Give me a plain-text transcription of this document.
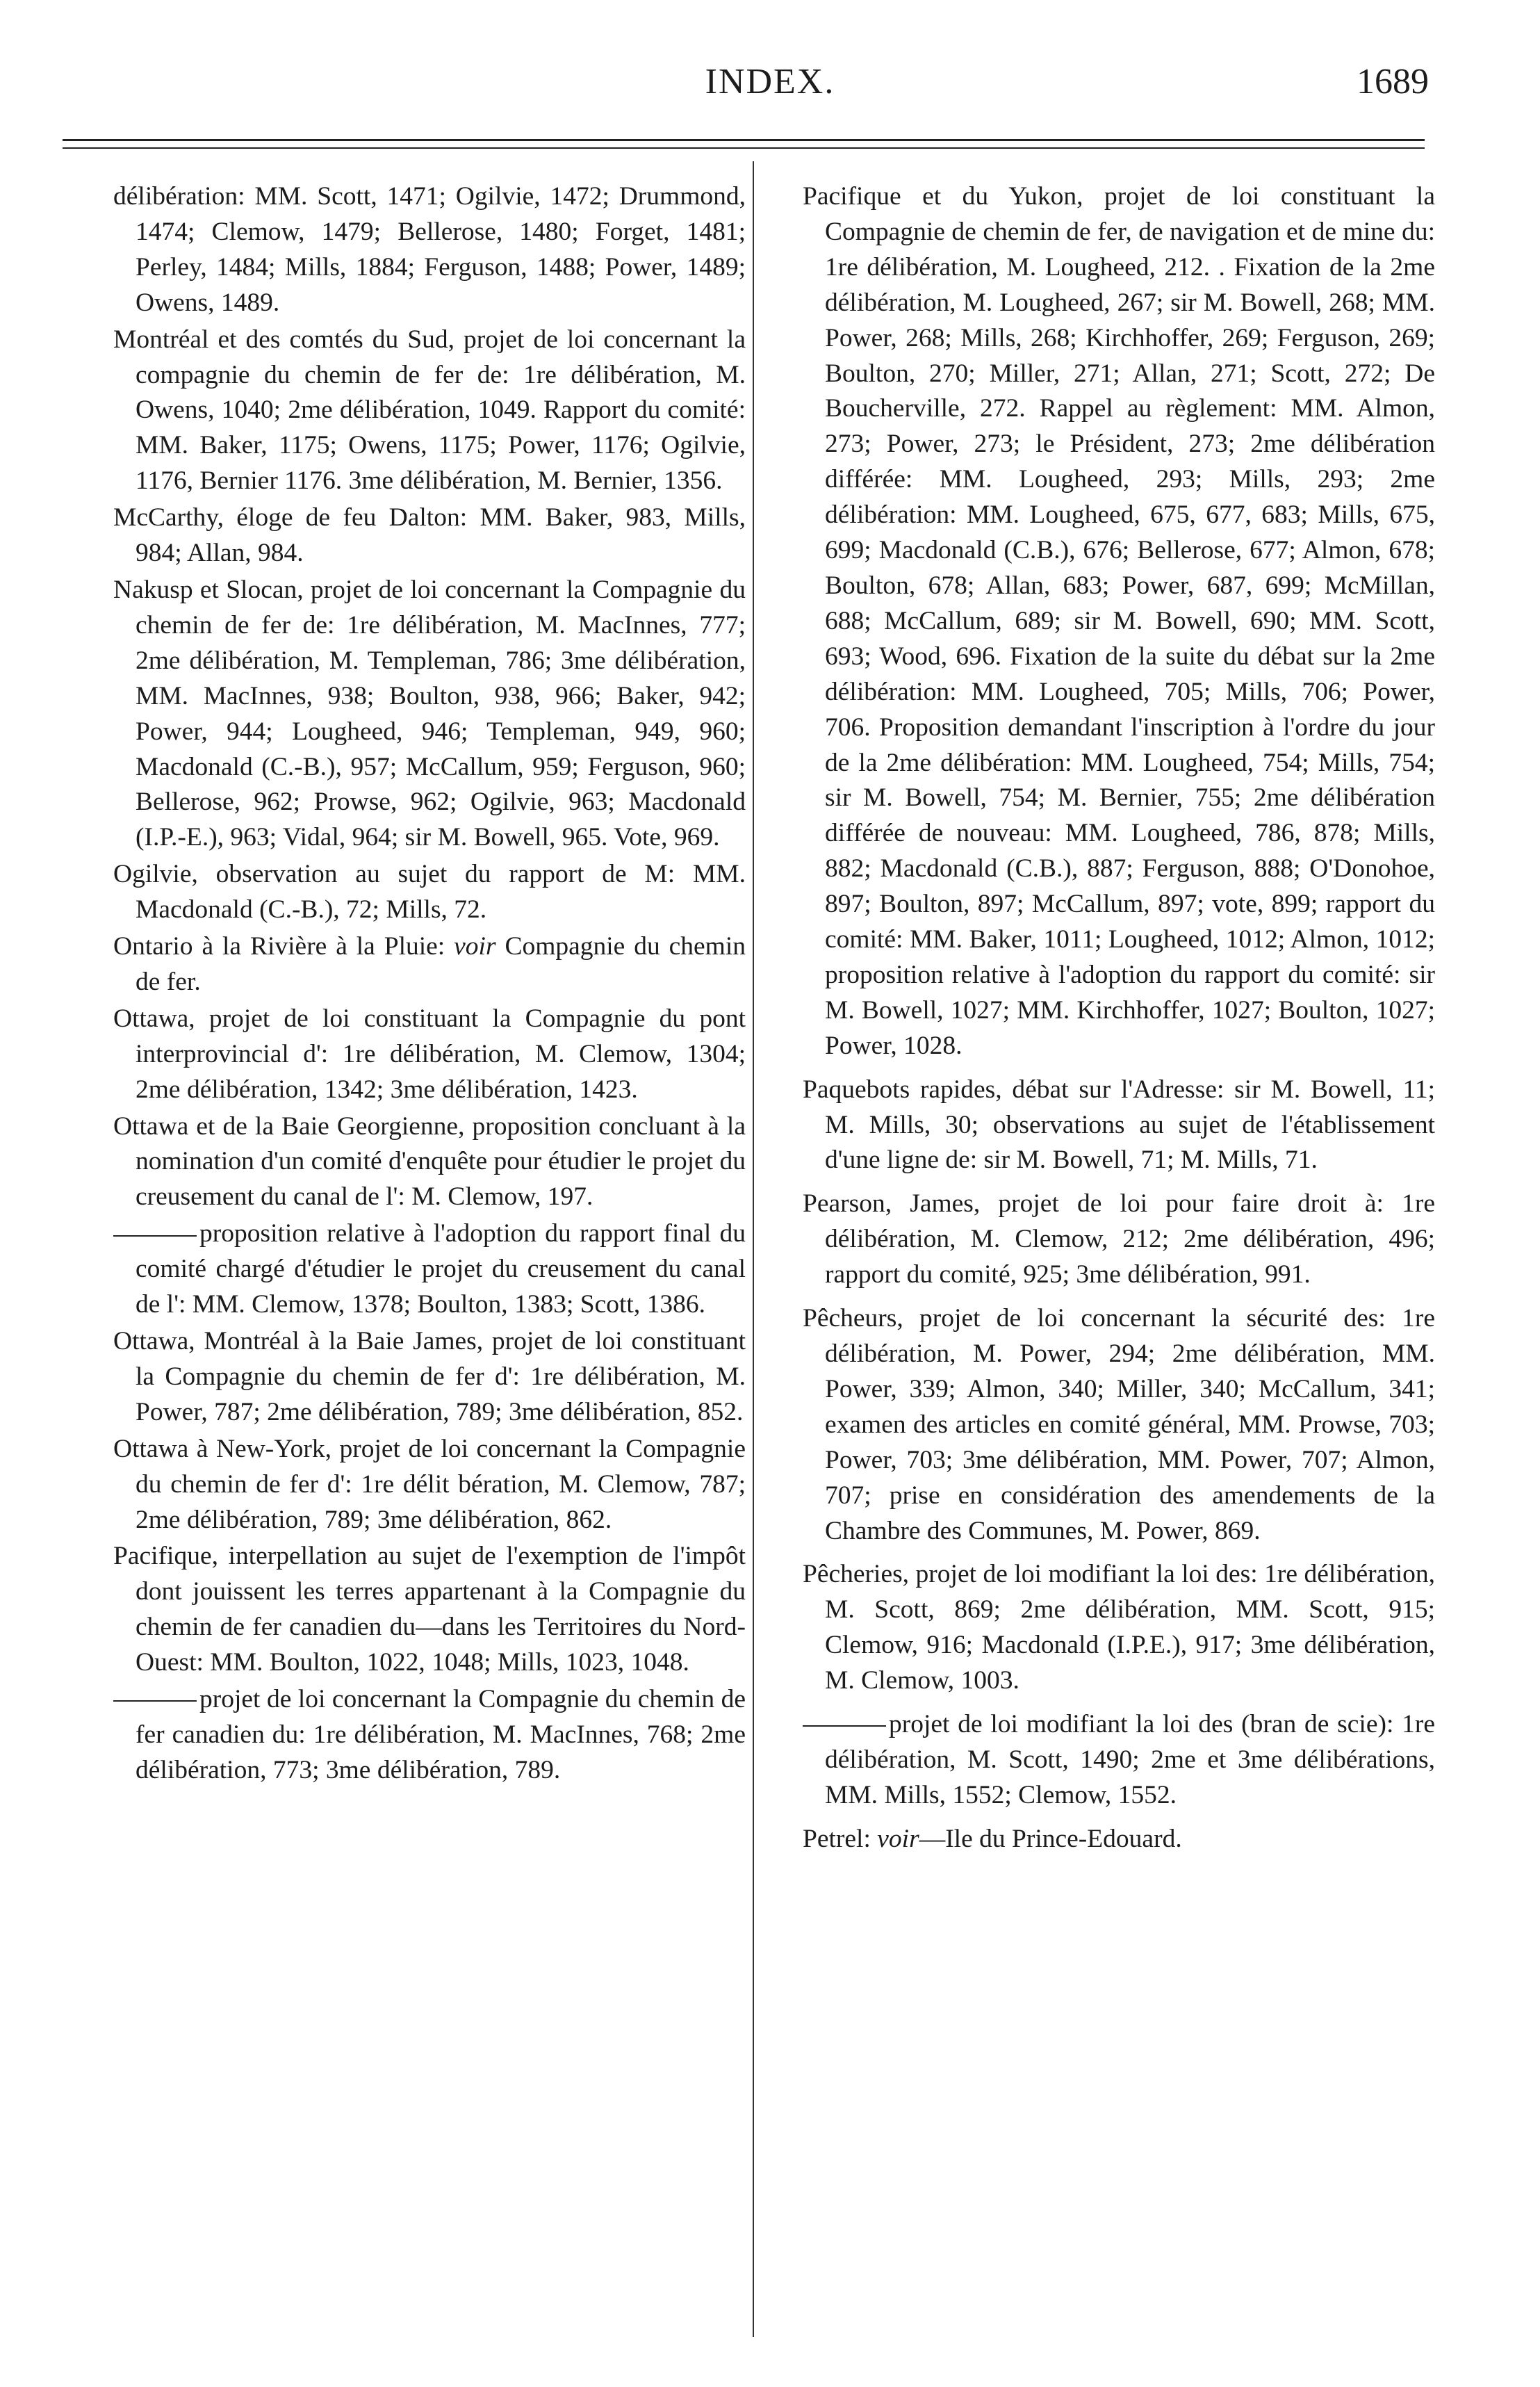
INDEX.	1689

délibération: MM. Scott, 1471; Ogilvie, 1472; Drummond, 1474; Clemow, 1479; Bellerose, 1480; Forget, 1481; Perley, 1484; Mills, 1884; Ferguson, 1488; Power, 1489; Owens, 1489.

Montréal et des comtés du Sud, projet de loi concernant la compagnie du chemin de fer de: 1re délibération, M. Owens, 1040; 2me délibération, 1049. Rapport du comité: MM. Baker, 1175; Owens, 1175; Power, 1176; Ogilvie, 1176, Bernier 1176. 3me délibération, M. Bernier, 1356.

McCarthy, éloge de feu Dalton: MM. Baker, 983, Mills, 984; Allan, 984.

Nakusp et Slocan, projet de loi concernant la Compagnie du chemin de fer de: 1re délibération, M. MacInnes, 777; 2me délibération, M. Templeman, 786; 3me délibération, MM. MacInnes, 938; Boulton, 938, 966; Baker, 942; Power, 944; Lougheed, 946; Templeman, 949, 960; Macdonald (C.-B.), 957; McCallum, 959; Ferguson, 960; Bellerose, 962; Prowse, 962; Ogilvie, 963; Macdonald (I.P.-E.), 963; Vidal, 964; sir M. Bowell, 965. Vote, 969.

Ogilvie, observation au sujet du rapport de M: MM. Macdonald (C.-B.), 72; Mills, 72.

Ontario à la Rivière à la Pluie: voir Compagnie du chemin de fer.

Ottawa, projet de loi constituant la Compagnie du pont interprovincial d': 1re délibération, M. Clemow, 1304; 2me délibération, 1342; 3me délibération, 1423.

Ottawa et de la Baie Georgienne, proposition concluant à la nomination d'un comité d'enquête pour étudier le projet du creusement du canal de l': M. Clemow, 197.

proposition relative à l'adoption du rapport final du comité chargé d'étudier le projet du creusement du canal de l': MM. Clemow, 1378; Boulton, 1383; Scott, 1386.

Ottawa, Montréal à la Baie James, projet de loi constituant la Compagnie du chemin de fer d': 1re délibération, M. Power, 787; 2me délibération, 789; 3me délibération, 852.

Ottawa à New-York, projet de loi concernant la Compagnie du chemin de fer d': 1re délit bération, M. Clemow, 787; 2me délibération, 789; 3me délibération, 862.

Pacifique, interpellation au sujet de l'exemption de l'impôt dont jouissent les terres appartenant à la Compagnie du chemin de fer canadien du—dans les Territoires du Nord-Ouest: MM. Boulton, 1022, 1048; Mills, 1023, 1048.

projet de loi concernant la Compagnie du chemin de fer canadien du: 1re délibération, M. MacInnes, 768; 2me délibération, 773; 3me délibération, 789.

Pacifique et du Yukon, projet de loi constituant la Compagnie de chemin de fer, de navigation et de mine du: 1re délibération, M. Lougheed, 212. . Fixation de la 2me délibération, M. Lougheed, 267; sir M. Bowell, 268; MM. Power, 268; Mills, 268; Kirchhoffer, 269; Ferguson, 269; Boulton, 270; Miller, 271; Allan, 271; Scott, 272; De Boucherville, 272. Rappel au règlement: MM. Almon, 273; Power, 273; le Président, 273; 2me délibération différée: MM. Lougheed, 293; Mills, 293; 2me délibération: MM. Lougheed, 675, 677, 683; Mills, 675, 699; Macdonald (C.B.), 676; Bellerose, 677; Almon, 678; Boulton, 678; Allan, 683; Power, 687, 699; McMillan, 688; McCallum, 689; sir M. Bowell, 690; MM. Scott, 693; Wood, 696. Fixation de la suite du débat sur la 2me délibération: MM. Lougheed, 705; Mills, 706; Power, 706. Proposition demandant l'inscription à l'ordre du jour de la 2me délibération: MM. Lougheed, 754; Mills, 754; sir M. Bowell, 754; M. Bernier, 755; 2me délibération différée de nouveau: MM. Lougheed, 786, 878; Mills, 882; Macdonald (C.B.), 887; Ferguson, 888; O'Donohoe, 897; Boulton, 897; McCallum, 897; vote, 899; rapport du comité: MM. Baker, 1011; Lougheed, 1012; Almon, 1012; proposition relative à l'adoption du rapport du comité: sir M. Bowell, 1027; MM. Kirchhoffer, 1027; Boulton, 1027; Power, 1028.

Paquebots rapides, débat sur l'Adresse: sir M. Bowell, 11; M. Mills, 30; observations au sujet de l'établissement d'une ligne de: sir M. Bowell, 71; M. Mills, 71.

Pearson, James, projet de loi pour faire droit à: 1re délibération, M. Clemow, 212; 2me délibération, 496; rapport du comité, 925; 3me délibération, 991.

Pêcheurs, projet de loi concernant la sécurité des: 1re délibération, M. Power, 294; 2me délibération, MM. Power, 339; Almon, 340; Miller, 340; McCallum, 341; examen des articles en comité général, MM. Prowse, 703; Power, 703; 3me délibération, MM. Power, 707; Almon, 707; prise en considération des amendements de la Chambre des Communes, M. Power, 869.

Pêcheries, projet de loi modifiant la loi des: 1re délibération, M. Scott, 869; 2me délibération, MM. Scott, 915; Clemow, 916; Macdonald (I.P.E.), 917; 3me délibération, M. Clemow, 1003.

projet de loi modifiant la loi des (bran de scie): 1re délibération, M. Scott, 1490; 2me et 3me délibérations, MM. Mills, 1552; Clemow, 1552.

Petrel: voir—Ile du Prince-Edouard.
